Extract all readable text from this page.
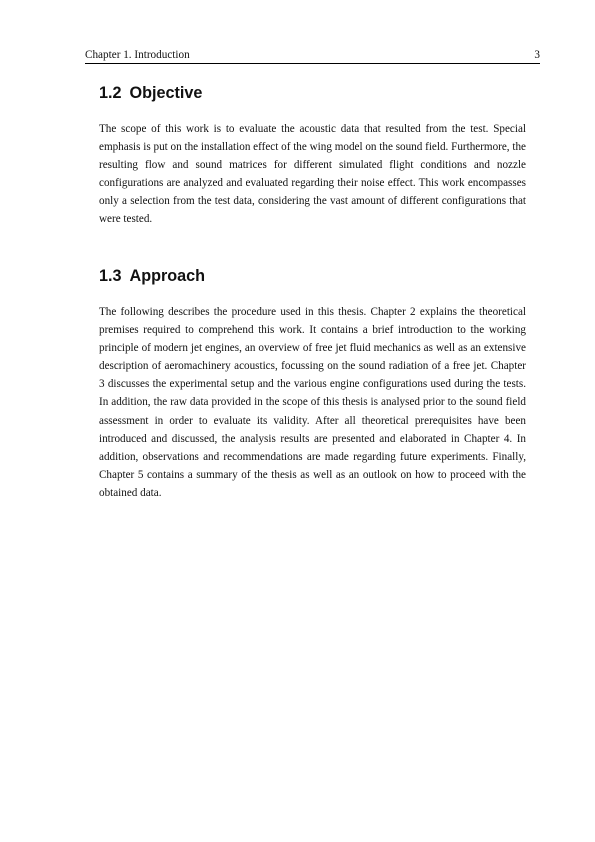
Chapter 1. Introduction	3
1.2 Objective

The scope of this work is to evaluate the acoustic data that resulted from the test. Special emphasis is put on the installation effect of the wing model on the sound field. Furthermore, the resulting flow and sound matrices for different simulated flight conditions and nozzle configurations are analyzed and evaluated regarding their noise effect. This work encompasses only a selection from the test data, considering the vast amount of different configurations that were tested.

1.3 Approach

The following describes the procedure used in this thesis. Chapter 2 explains the theoretical premises required to comprehend this work. It contains a brief introduction to the working principle of modern jet engines, an overview of free jet fluid mechanics as well as an extensive description of aeromachinery acoustics, focussing on the sound radiation of a free jet. Chapter 3 discusses the experimental setup and the various engine configurations used during the tests. In addition, the raw data provided in the scope of this thesis is analysed prior to the sound field assessment in order to evaluate its validity. After all theoretical prerequisites have been introduced and discussed, the analysis results are presented and elaborated in Chapter 4. In addition, observations and recommendations are made regarding future experiments. Finally, Chapter 5 contains a summary of the thesis as well as an outlook on how to proceed with the obtained data.
